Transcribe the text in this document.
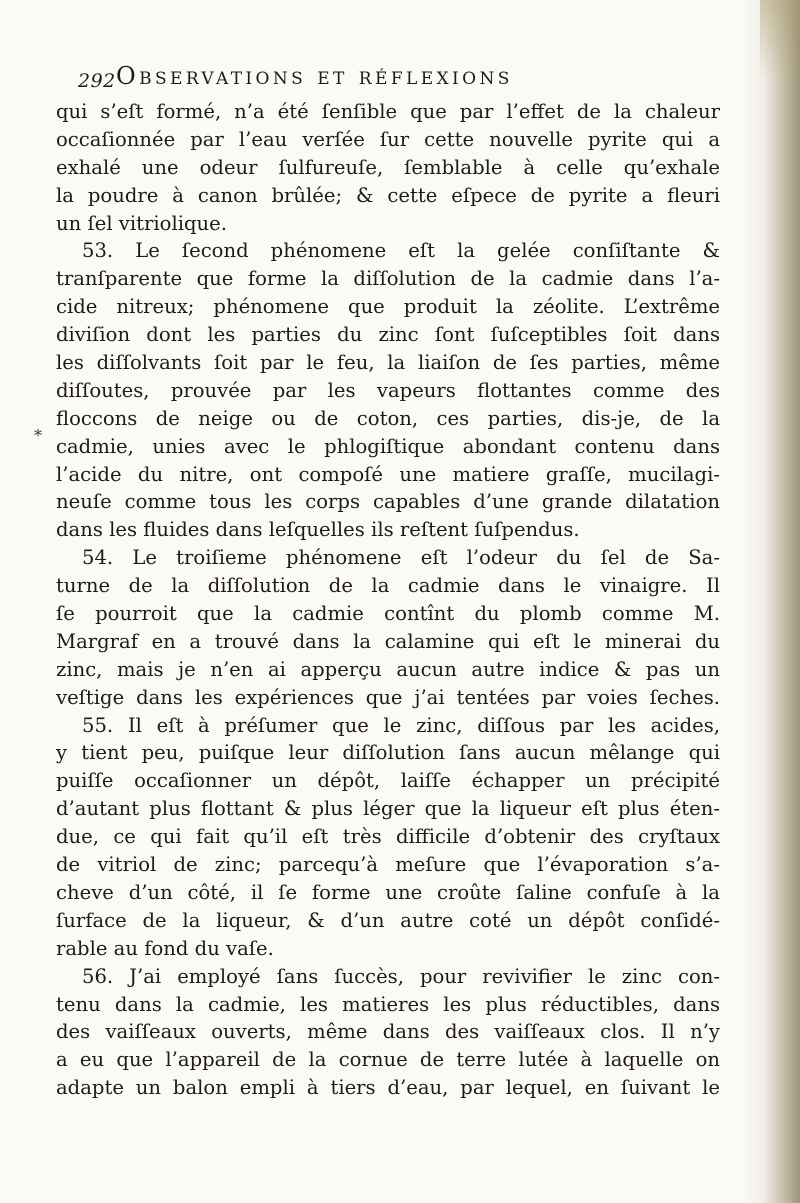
292 Observations et réflexions
*
qui s’eſt formé, n’a été ſenſible que par l’effet de la chaleur
occaſionnée par l’eau verſée ſur cette nouvelle pyrite qui a
exhalé une odeur ſulfureuſe, ſemblable à celle qu’exhale
la poudre à canon brûlée; & cette eſpece de pyrite a fleuri
un ſel vitriolique.
53. Le ſecond phénomene eſt la gelée conſiſtante &
tranſparente que forme la diſſolution de la cadmie dans l’a-
cide nitreux; phénomene que produit la zéolite. L’extrême
diviſion dont les parties du zinc ſont ſuſceptibles ſoit dans
les diſſolvants ſoit par le feu, la liaiſon de ſes parties, même
diſſoutes, prouvée par les vapeurs flottantes comme des
floccons de neige ou de coton, ces parties, dis-je, de la
cadmie, unies avec le phlogiſtique abondant contenu dans
l’acide du nitre, ont compoſé une matiere graſſe, mucilagi-
neuſe comme tous les corps capables d’une grande dilatation
dans les fluides dans leſquelles ils reſtent ſuſpendus.
54. Le troiſieme phénomene eſt l’odeur du ſel de Sa-
turne de la diſſolution de la cadmie dans le vinaigre. Il
ſe pourroit que la cadmie contînt du plomb comme M.
Margraf en a trouvé dans la calamine qui eſt le minerai du
zinc, mais je n’en ai apperçu aucun autre indice & pas un
veſtige dans les expériences que j’ai tentées par voies ſeches.
55. Il eſt à préſumer que le zinc, diſſous par les acides,
y tient peu, puiſque leur diſſolution ſans aucun mêlange qui
puiſſe occaſionner un dépôt, laiſſe échapper un précipité
d’autant plus flottant & plus léger que la liqueur eſt plus éten-
due, ce qui fait qu’il eſt très difficile d’obtenir des cryſtaux
de vitriol de zinc; parcequ’à meſure que l’évaporation s’a-
cheve d’un côté, il ſe forme une croûte ſaline confuſe à la
ſurface de la liqueur, & d’un autre coté un dépôt conſidé-
rable au fond du vaſe.
56. J’ai employé ſans ſuccès, pour revivifier le zinc con-
tenu dans la cadmie, les matieres les plus réductibles, dans
des vaiſſeaux ouverts, même dans des vaiſſeaux clos. Il n’y
a eu que l’appareil de la cornue de terre lutée à laquelle on
adapte un balon empli à tiers d’eau, par lequel, en ſuivant le
